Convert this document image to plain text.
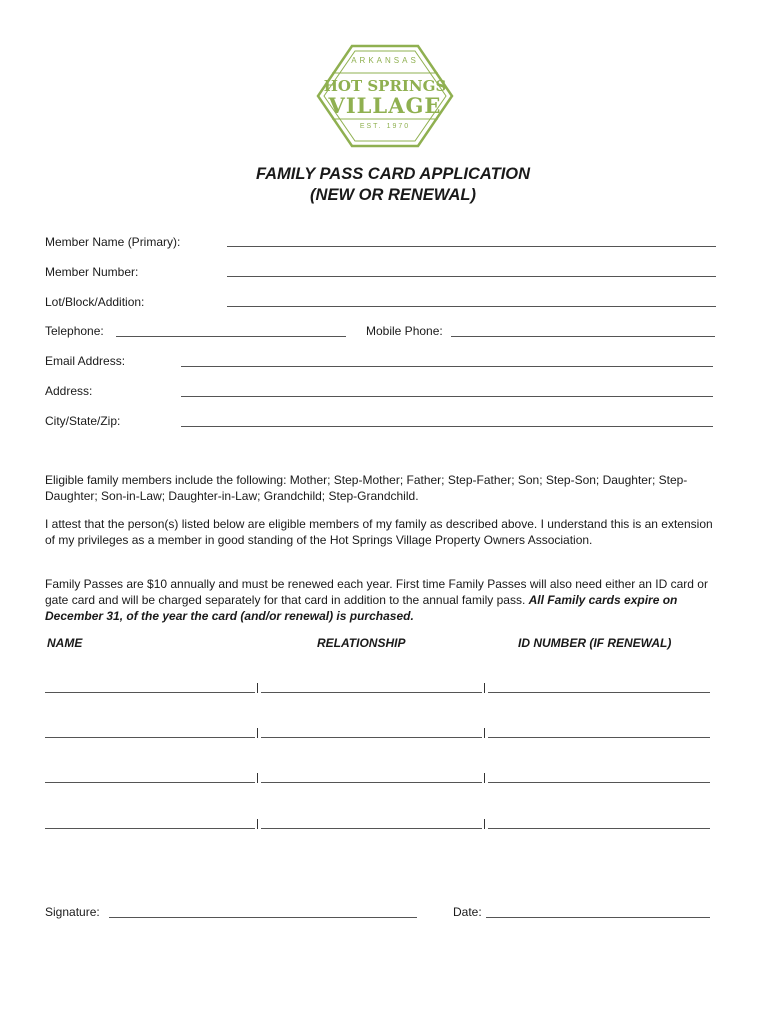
ARKANSAS
HOT SPRINGS
VILLAGE
EST. 1970
FAMILY PASS CARD APPLICATION
(NEW OR RENEWAL)
Member Name (Primary):
Member Number:
Lot/Block/Addition:
Telephone:	Mobile Phone:
Email Address:
Address:
City/State/Zip:
Eligible family members include the following: Mother; Step-Mother; Father; Step-Father; Son; Step-Son; Daughter; Step-Daughter; Son-in-Law; Daughter-in-Law; Grandchild; Step-Grandchild.
I attest that the person(s) listed below are eligible members of my family as described above. I understand this is an extension of my privileges as a member in good standing of the Hot Springs Village Property Owners Association.
Family Passes are $10 annually and must be renewed each year. First time Family Passes will also need either an ID card or gate card and will be charged separately for that card in addition to the annual family pass. All Family cards expire on December 31, of the year the card (and/or renewal) is purchased.
NAME	RELATIONSHIP	ID NUMBER (IF RENEWAL)
Signature:	Date:
